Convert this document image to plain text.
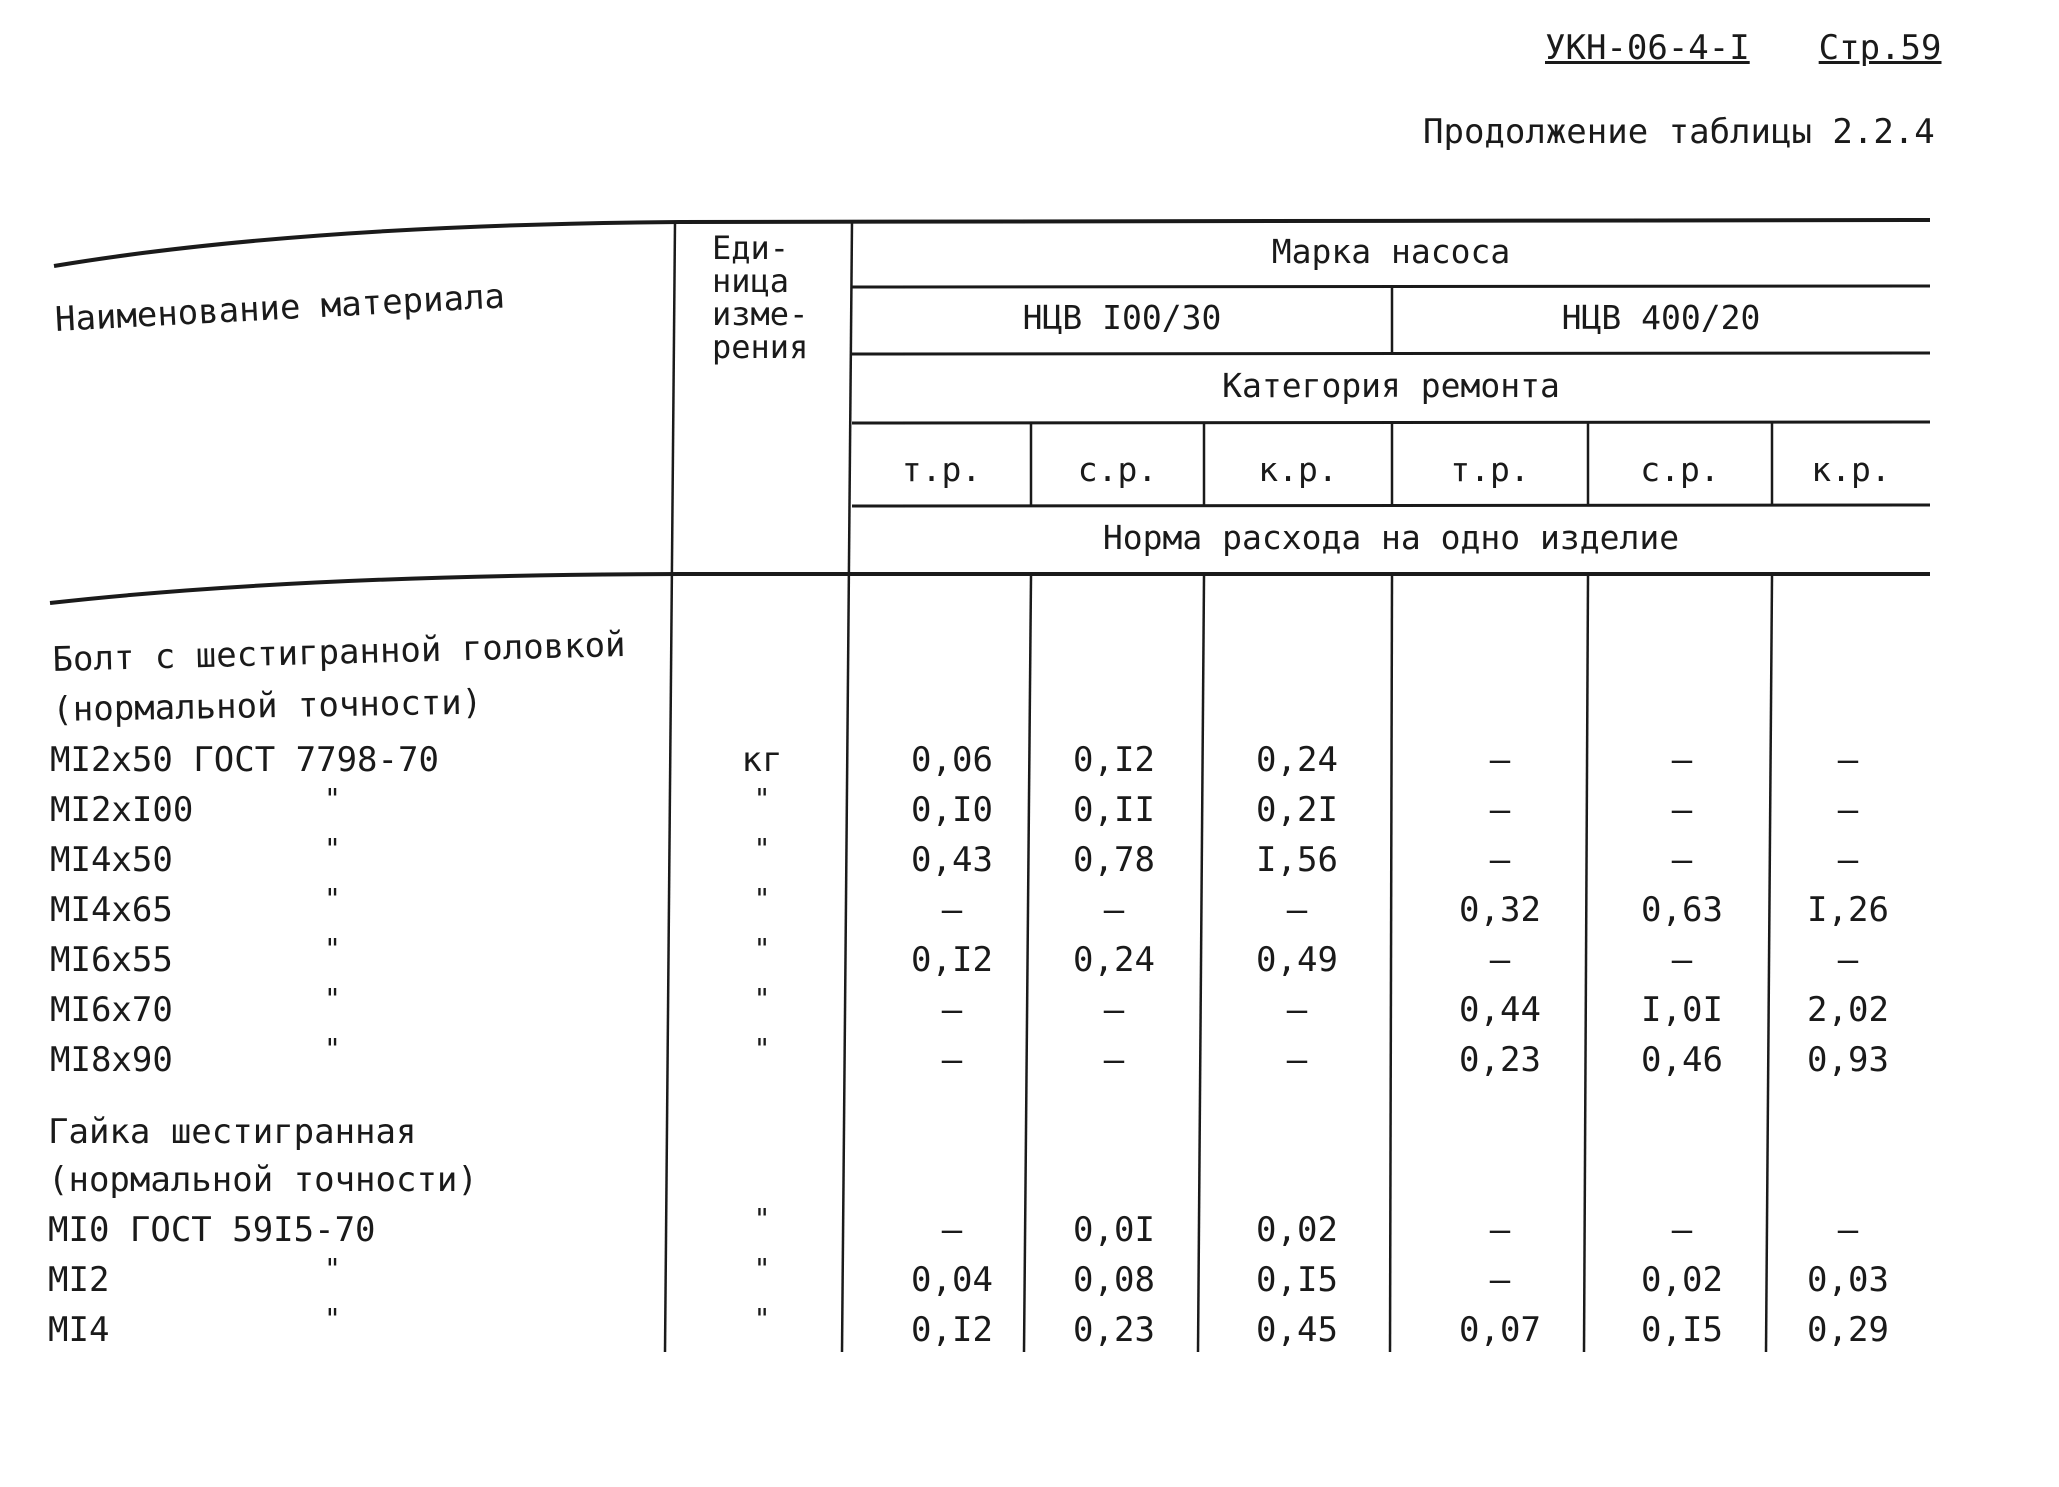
УКН-06-4-I Стр.59
Продолжение таблицы 2.2.4
Наименование материала
Еди-
ница
изме-
рения
Марка насоса
НЦВ I00/30	НЦВ 400/20
Категория ремонта
т.р.	с.р.	к.р.	т.р.	с.р.	к.р.
Норма расхода на одно изделие
Болт с шестигранной головкой
(нормальной точности)
MI2x50 ГОСТ 7798-70	кг	0,06	0,I2	0,24	–	–	–
MI2xI00	"	"	0,I0	0,II	0,2I	–	–	–
MI4x50	"	"	0,43	0,78	I,56	–	–	–
MI4x65	"	"	–	–	–	0,32	0,63	I,26
MI6x55	"	"	0,I2	0,24	0,49	–	–	–
MI6x70	"	"	–	–	–	0,44	I,0I	2,02
MI8x90	"	"	–	–	–	0,23	0,46	0,93
Гайка шестигранная
(нормальной точности)
MI0 ГОСТ 59I5-70	"	–	0,0I	0,02	–	–	–
MI2	"	"	0,04	0,08	0,I5	–	0,02	0,03
MI4	"	"	0,I2	0,23	0,45	0,07	0,I5	0,29
